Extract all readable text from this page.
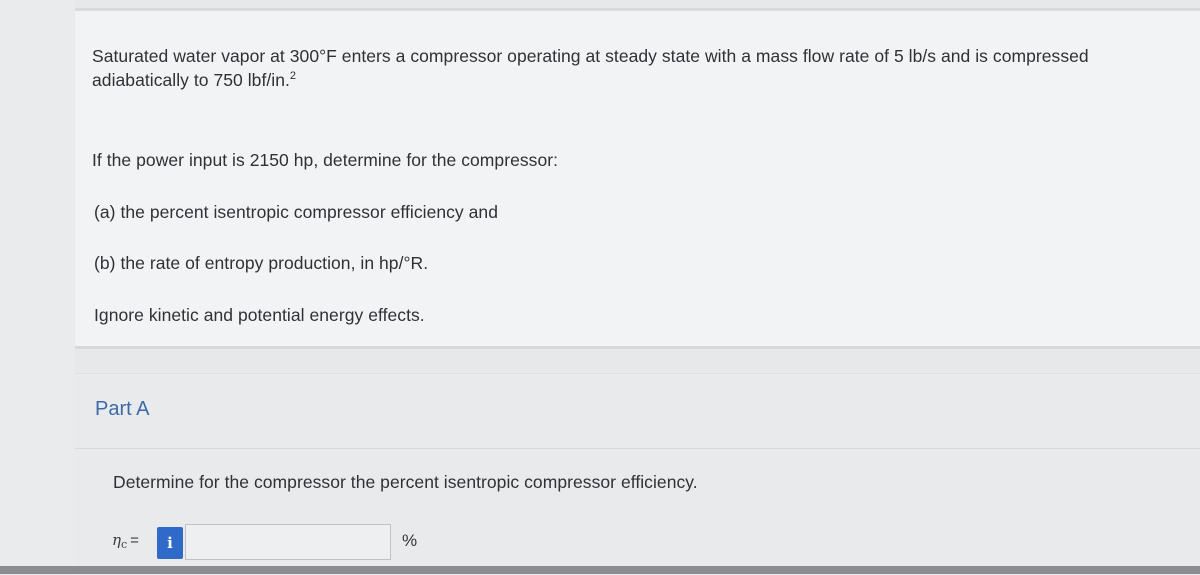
Saturated water vapor at 300°F enters a compressor operating at steady state with a mass flow rate of 5 lb/s and is compressed
adiabatically to 750 lbf/in.$^2$
If the power input is 2150 hp, determine for the compressor:
(a) the percent isentropic compressor efficiency and
(b) the rate of entropy production, in hp/°R.
Ignore kinetic and potential energy effects.
Part A
Determine for the compressor the percent isentropic compressor efficiency.
$\eta_c$ =	i	%
